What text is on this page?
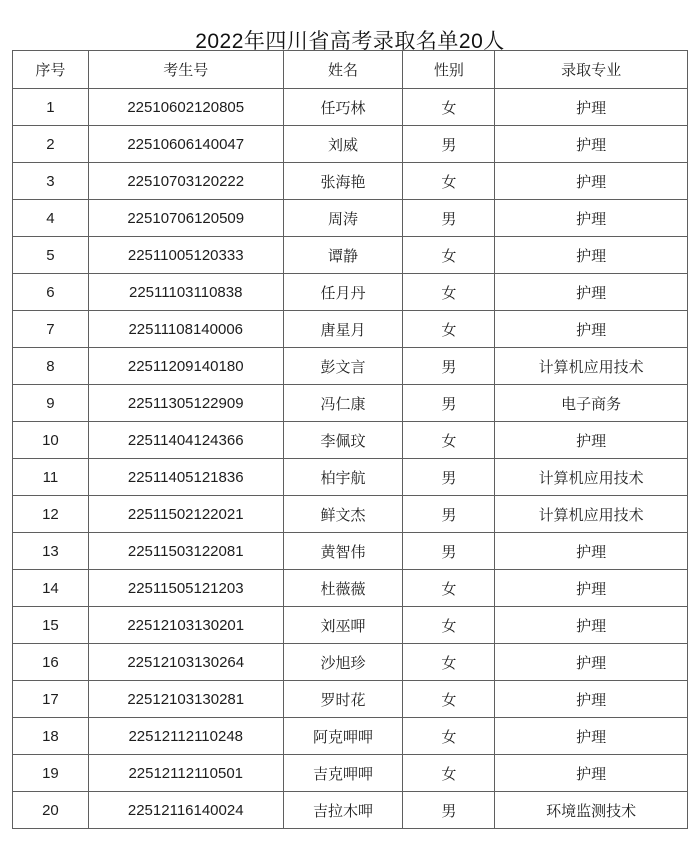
2022年四川省高考录取名单20人
序号	考生号	姓名	性别	录取专业
1	22510602120805	任巧林	女	护理
2	22510606140047	刘威	男	护理
3	22510703120222	张海艳	女	护理
4	22510706120509	周涛	男	护理
5	22511005120333	谭静	女	护理
6	22511103110838	任月丹	女	护理
7	22511108140006	唐星月	女	护理
8	22511209140180	彭文言	男	计算机应用技术
9	22511305122909	冯仁康	男	电子商务
10	22511404124366	李佩玟	女	护理
11	22511405121836	柏宇航	男	计算机应用技术
12	22511502122021	鲜文杰	男	计算机应用技术
13	22511503122081	黄智伟	男	护理
14	22511505121203	杜薇薇	女	护理
15	22512103130201	刘巫呷	女	护理
16	22512103130264	沙旭珍	女	护理
17	22512103130281	罗时花	女	护理
18	22512112110248	阿克呷呷	女	护理
19	22512112110501	吉克呷呷	女	护理
20	22512116140024	吉拉木呷	男	环境监测技术
